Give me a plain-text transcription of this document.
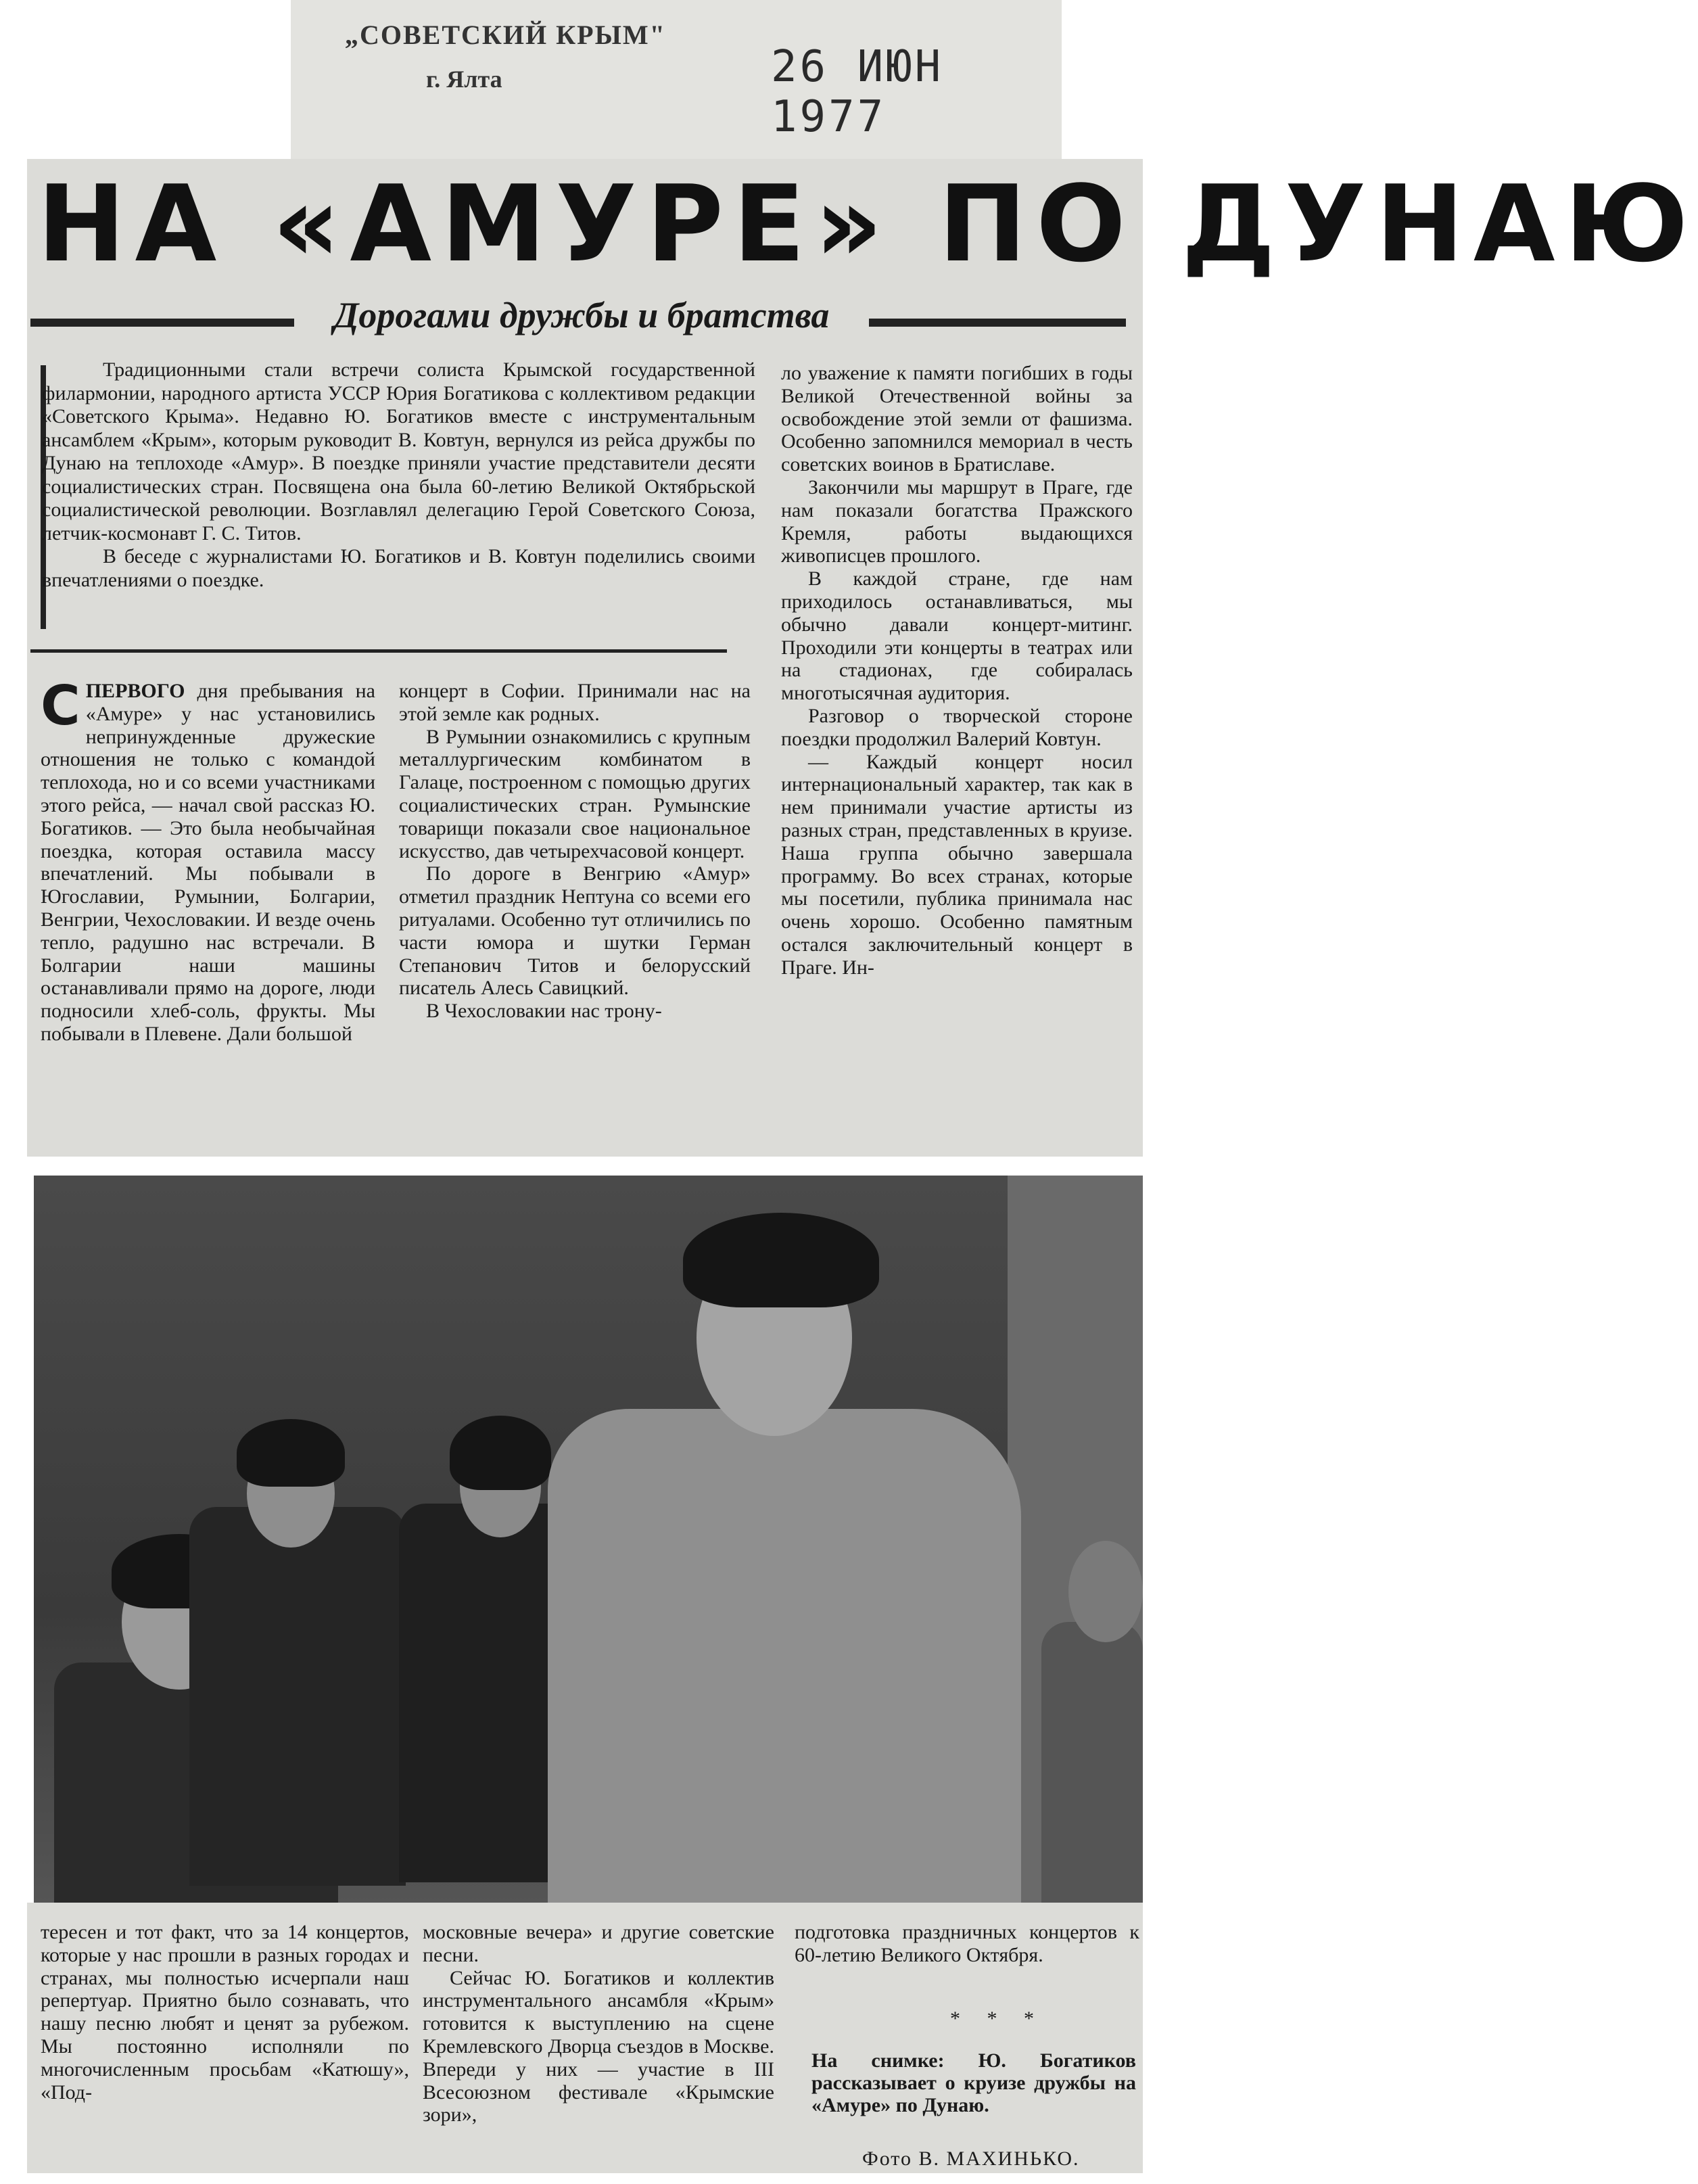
„СОВЕТСКИЙ КРЫМ"
г. Ялта	26 ИЮН 1977
НА «АМУРЕ» ПО ДУНАЮ
Дорогами дружбы и братства

Традиционными стали встречи солиста Крымской государственной филармонии, народного артиста УССР Юрия Богатикова с коллективом редакции «Советского Крыма». Недавно Ю. Богатиков вместе с инструментальным ансамблем «Крым», которым руководит В. Ковтун, вернулся из рейса дружбы по Дунаю на теплоходе «Амур». В поездке приняли участие представители десяти социалистических стран. Посвящена она была 60-летию Великой Октябрьской социалистической революции. Возглавлял делегацию Герой Советского Союза, летчик-космонавт Г. С. Титов.

В беседе с журналистами Ю. Богатиков и В. Ковтун поделились своими впечатлениями о поездке.

СПЕРВОГО дня пребывания на «Амуре» у нас установились непринужденные дружеские отношения не только с командой теплохода, но и со всеми участниками этого рейса, — начал свой рассказ Ю. Богатиков. — Это была необычайная поездка, которая оставила массу впечатлений. Мы побывали в Югославии, Румынии, Болгарии, Венгрии, Чехословакии. И везде очень тепло, радушно нас встречали. В Болгарии наши машины останавливали прямо на дороге, люди подносили хлеб-соль, фрукты. Мы побывали в Плевене. Дали большой

концерт в Софии. Принимали нас на этой земле как родных.

В Румынии ознакомились с крупным металлургическим комбинатом в Галаце, построенном с помощью других социалистических стран. Румынские товарищи показали свое национальное искусство, дав четырехчасовой концерт.

По дороге в Венгрию «Амур» отметил праздник Нептуна со всеми его ритуалами. Особенно тут отличились по части юмора и шутки Герман Степанович Титов и белорусский писатель Алесь Савицкий.

В Чехословакии нас трону-

ло уважение к памяти погибших в годы Великой Отечественной войны за освобождение этой земли от фашизма. Особенно запомнился мемориал в честь советских воинов в Братиславе.

Закончили мы маршрут в Праге, где нам показали богатства Пражского Кремля, работы выдающихся живописцев прошлого.

В каждой стране, где нам приходилось останавливаться, мы обычно давали концерт-митинг. Проходили эти концерты в театрах или на стадионах, где собиралась многотысячная аудитория.

Разговор о творческой стороне поездки продолжил Валерий Ковтун.

— Каждый концерт носил интернациональный характер, так как в нем принимали участие артисты из разных стран, представленных в круизе. Наша группа обычно завершала программу. Во всех странах, которые мы посетили, публика принимала нас очень хорошо. Особенно памятным остался заключительный концерт в Праге. Ин-

тересен и тот факт, что за 14 концертов, которые у нас прошли в разных городах и странах, мы полностью исчерпали наш репертуар. Приятно было сознавать, что нашу песню любят и ценят за рубежом. Мы постоянно исполняли по многочисленным просьбам «Катюшу», «Под-

московные вечера» и другие советские песни.

Сейчас Ю. Богатиков и коллектив инструментального ансамбля «Крым» готовится к выступлению на сцене Кремлевского Дворца съездов в Москве. Впереди у них — участие в III Всесоюзном фестивале «Крымские зори»,

подготовка праздничных концертов к 60-летию Великого Октября.

* * *
На снимке: Ю. Богатиков рассказывает о круизе дружбы на «Амуре» по Дунаю.
Фото В. МАХИНЬКО.
